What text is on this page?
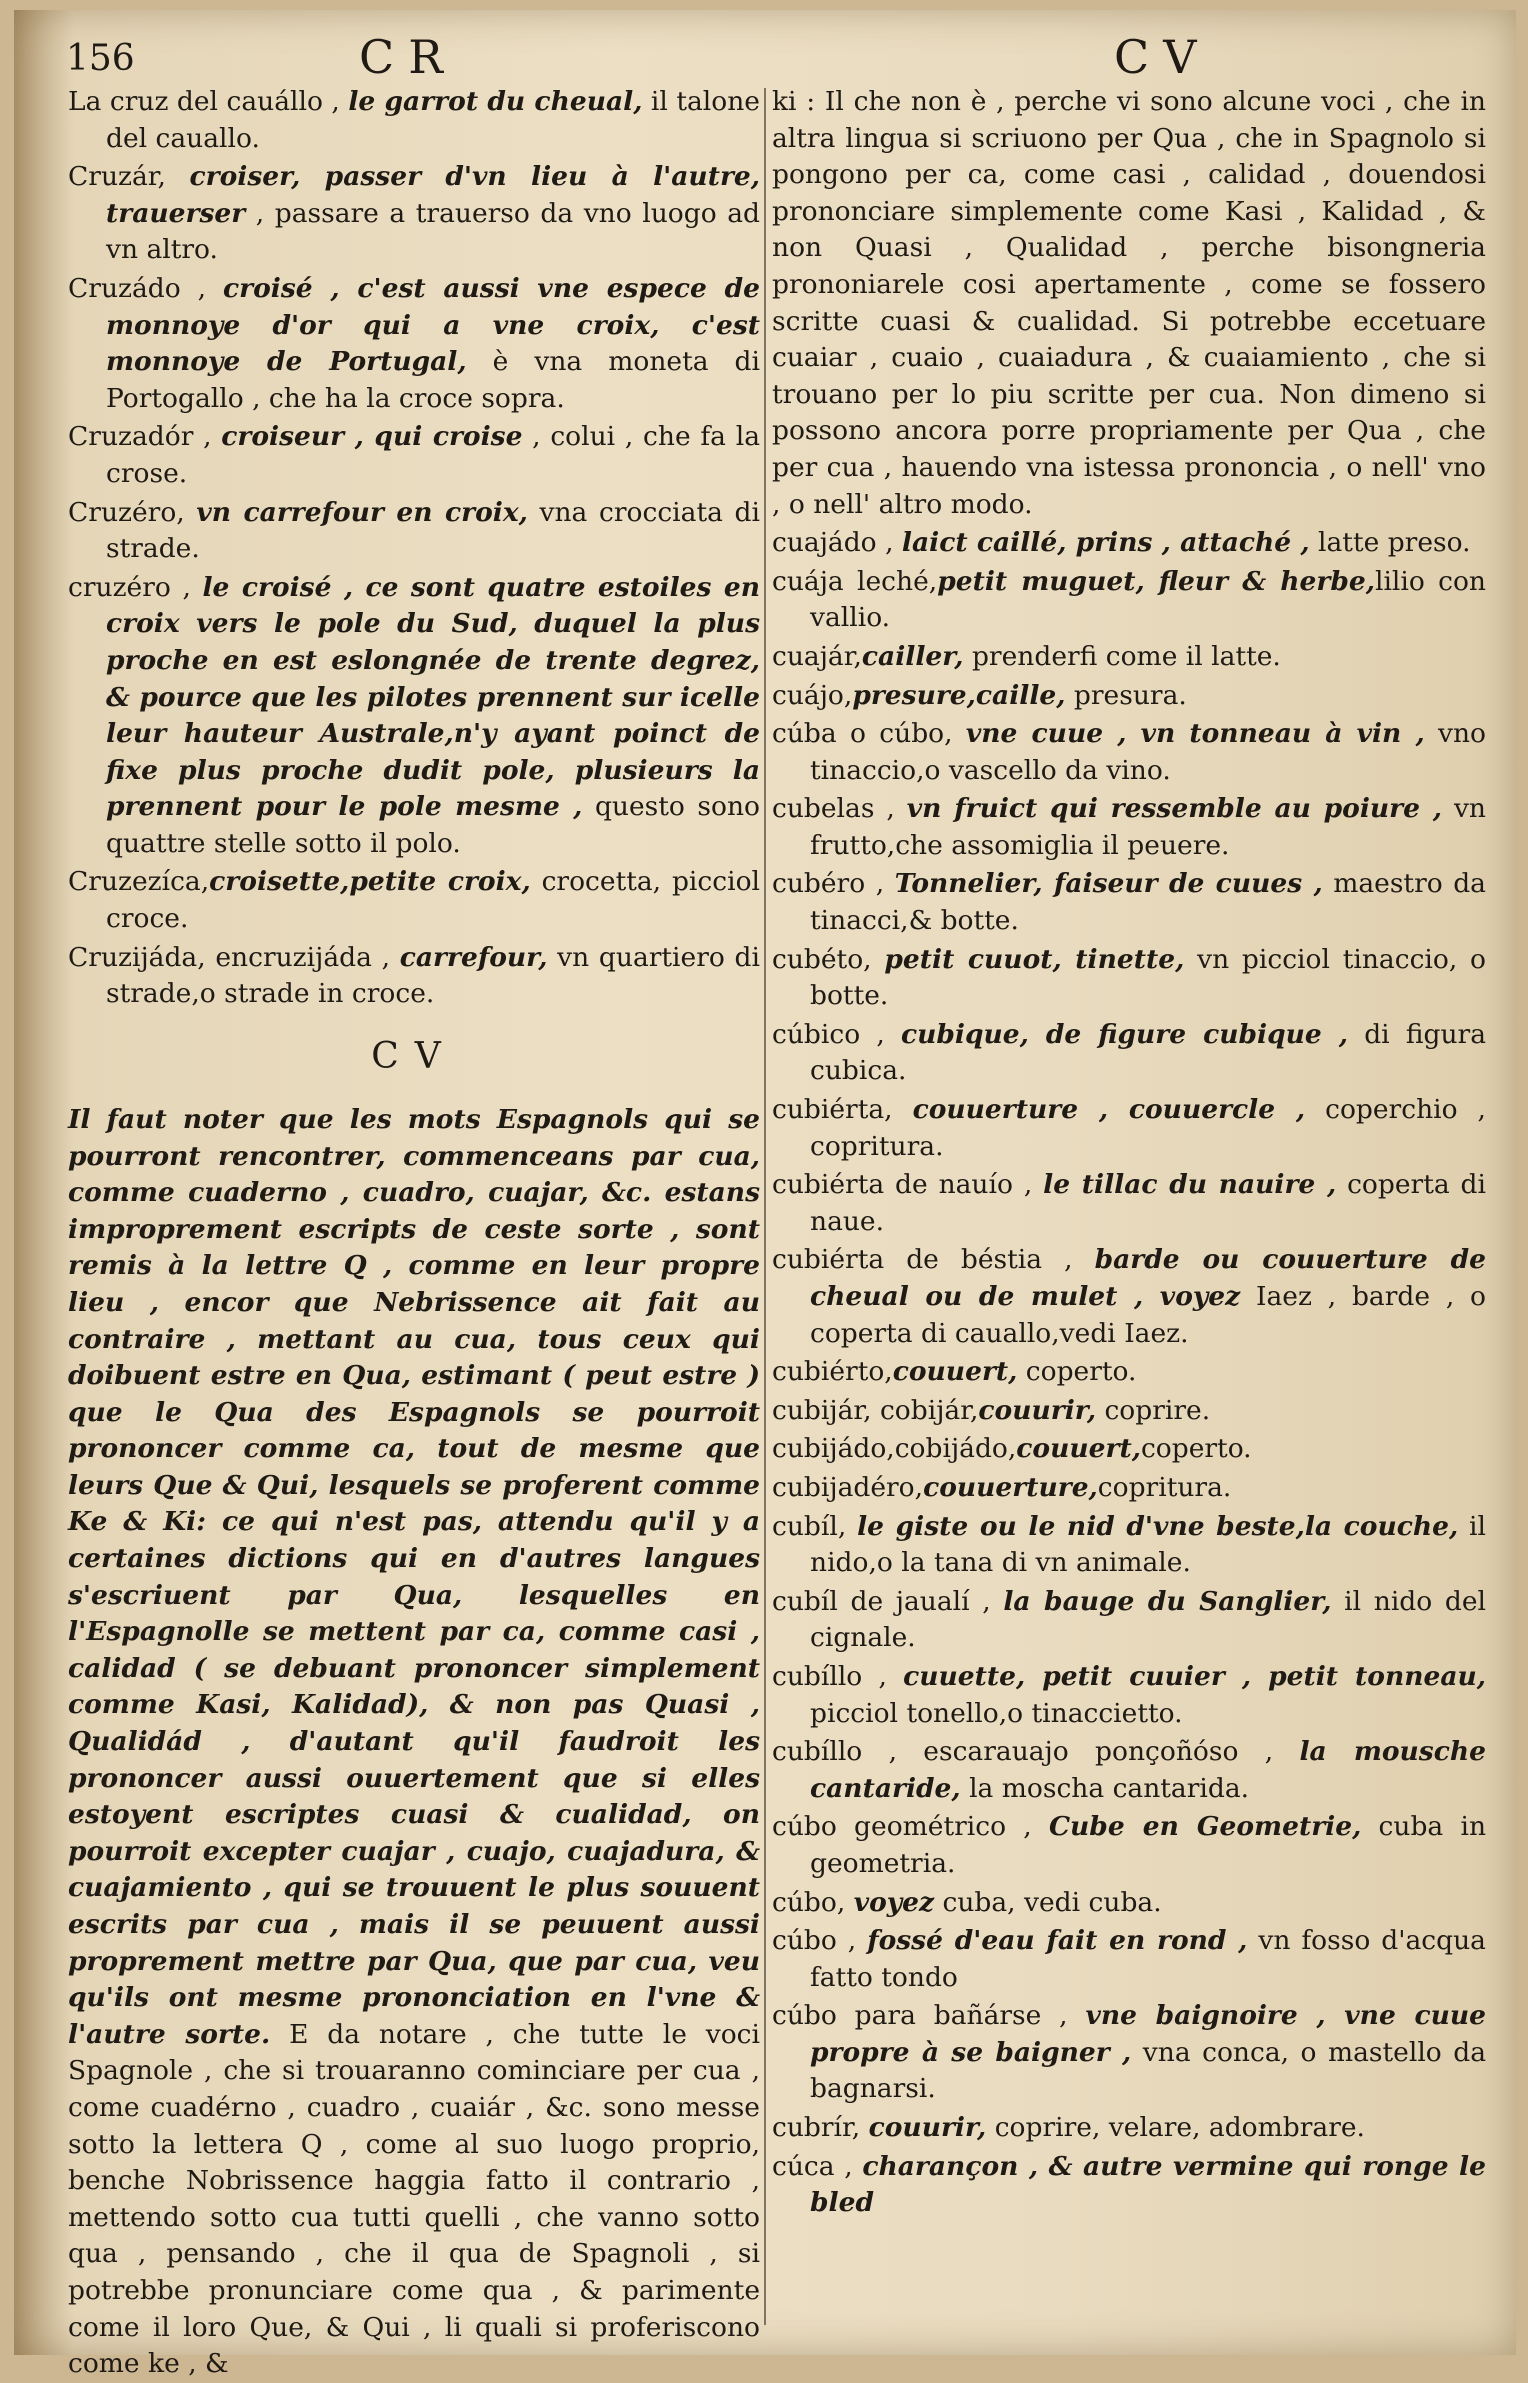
156	CR	CV

La cruz del cauállo , le garrot du cheual, il talone del cauallo.

Cruzár, croiser, passer d'vn lieu à l'autre, trauerser , passare a trauerso da vno luogo ad vn altro.

Cruzádo , croisé , c'est aussi vne espece de monnoye d'or qui a vne croix, c'est monnoye de Portugal, è vna moneta di Portogallo , che ha la croce sopra.

Cruzadór , croiseur , qui croise , colui , che fa la crose.

Cruzéro, vn carrefour en croix, vna crocciata di strade.

cruzéro , le croisé , ce sont quatre estoiles en croix vers le pole du Sud, duquel la plus proche en est eslongnée de trente degrez, & pource que les pilotes prennent sur icelle leur hauteur Australe,n'y ayant poinct de fixe plus proche dudit pole, plusieurs la prennent pour le pole mesme , questo sono quattre stelle sotto il polo.

Cruzezíca,croisette,petite croix, crocetta, picciol croce.

Cruzijáda, encruzijáda , carrefour, vn quartiero di strade,o strade in croce.

CV

Il faut noter que les mots Espagnols qui se pourront rencontrer, commenceans par cua, comme cuaderno , cuadro, cuajar, &c. estans improprement escripts de ceste sorte , sont remis à la lettre Q , comme en leur propre lieu , encor que Nebrissence ait fait au contraire , mettant au cua, tous ceux qui doibuent estre en Qua, estimant ( peut estre ) que le Qua des Espagnols se pourroit prononcer comme ca, tout de mesme que leurs Que & Qui, lesquels se proferent comme Ke & Ki: ce qui n'est pas, attendu qu'il y a certaines dictions qui en d'autres langues s'escriuent par Qua, lesquelles en l'Espagnolle se mettent par ca, comme casi , calidad ( se debuant prononcer simplement comme Kasi, Kalidad), & non pas Quasi , Qualidád , d'autant qu'il faudroit les prononcer aussi ouuertement que si elles estoyent escriptes cuasi & cualidad, on pourroit excepter cuajar , cuajo, cuajadura, & cuajamiento , qui se trouuent le plus souuent escrits par cua , mais il se peuuent aussi proprement mettre par Qua, que par cua, veu qu'ils ont mesme prononciation en l'vne & l'autre sorte. E da notare , che tutte le voci Spagnole , che si trouaranno cominciare per cua , come cuadérno , cuadro , cuaiár , &c. sono messe sotto la lettera Q , come al suo luogo proprio, benche Nobrissence haggia fatto il contrario , mettendo sotto cua tutti quelli , che vanno sotto qua , pensando , che il qua de Spagnoli , si potrebbe pronunciare come qua , & parimente come il loro Que, & Qui , li quali si proferiscono come ke , &

ki : Il che non è , perche vi sono alcune voci , che in altra lingua si scriuono per Qua , che in Spagnolo si pongono per ca, come casi , calidad , douendosi prononciare simplemente come Kasi , Kalidad , & non Quasi , Qualidad , perche bisongneria prononiarele cosi apertamente , come se fossero scritte cuasi & cualidad. Si potrebbe eccetuare cuaiar , cuaio , cuaiadura , & cuaiamiento , che si trouano per lo piu scritte per cua. Non dimeno si possono ancora porre propriamente per Qua , che per cua , hauendo vna istessa prononcia , o nell' vno , o nell' altro modo.

cuajádo , laict caillé, prins , attaché , latte preso.

cuája leché,petit muguet, fleur & herbe,lilio con vallio.

cuajár,cailler, prenderfi come il latte.

cuájo,presure,caille, presura.

cúba o cúbo, vne cuue , vn tonneau à vin , vno tinaccio,o vascello da vino.

cubelas , vn fruict qui ressemble au poiure , vn frutto,che assomiglia il peuere.

cubéro , Tonnelier, faiseur de cuues , maestro da tinacci,& botte.

cubéto, petit cuuot, tinette, vn picciol tinaccio, o botte.

cúbico , cubique, de figure cubique , di figura cubica.

cubiérta, couuerture , couuercle , coperchio , copritura.

cubiérta de nauío , le tillac du nauire , coperta di naue.

cubiérta de béstia , barde ou couuerture de cheual ou de mulet , voyez Iaez , barde , o coperta di cauallo,vedi Iaez.

cubiérto,couuert, coperto.

cubijár, cobijár,couurir, coprire.

cubijádo,cobijádo,couuert,coperto.

cubijadéro,couuerture,copritura.

cubíl, le giste ou le nid d'vne beste,la couche, il nido,o la tana di vn animale.

cubíl de jaualí , la bauge du Sanglier, il nido del cignale.

cubíllo , cuuette, petit cuuier , petit tonneau, picciol tonello,o tinaccietto.

cubíllo , escarauajo ponçoñóso , la mousche cantaride, la moscha cantarida.

cúbo geométrico , Cube en Geometrie, cuba in geometria.

cúbo, voyez cuba, vedi cuba.

cúbo , fossé d'eau fait en rond , vn fosso d'acqua fatto tondo

cúbo para bañárse , vne baignoire , vne cuue propre à se baigner , vna conca, o mastello da bagnarsi.

cubrír, couurir, coprire, velare, adombrare.

cúca , charançon , & autre vermine qui ronge le bled
